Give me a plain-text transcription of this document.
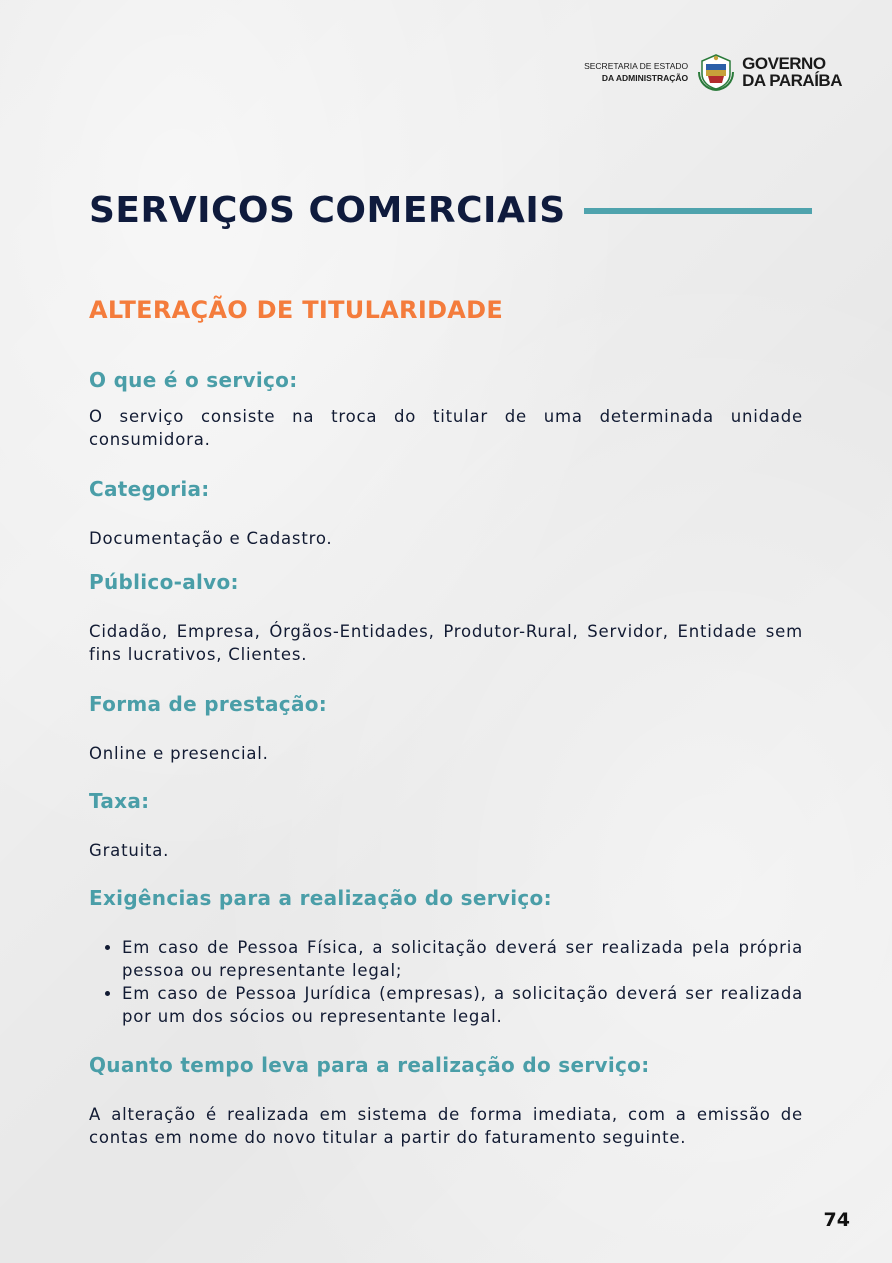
SECRETARIA DE ESTADO
DA ADMINISTRAÇÃO
GOVERNO
DA PARAÍBA
SERVIÇOS COMERCIAIS
ALTERAÇÃO DE TITULARIDADE
O que é o serviço:

O serviço consiste na troca do titular de uma determinada unidade consumidora.

Categoria:

Documentação e Cadastro.

Público-alvo:

Cidadão, Empresa, Órgãos-Entidades, Produtor-Rural, Servidor, Entidade sem fins lucrativos, Clientes.

Forma de prestação:

Online e presencial.

Taxa:

Gratuita.

Exigências para a realização do serviço:
• Em caso de Pessoa Física, a solicitação deverá ser realizada pela própria pessoa ou representante legal;
• Em caso de Pessoa Jurídica (empresas), a solicitação deverá ser realizada por um dos sócios ou representante legal.
Quanto tempo leva para a realização do serviço:

A alteração é realizada em sistema de forma imediata, com a emissão de contas em nome do novo titular a partir do faturamento seguinte.

74
